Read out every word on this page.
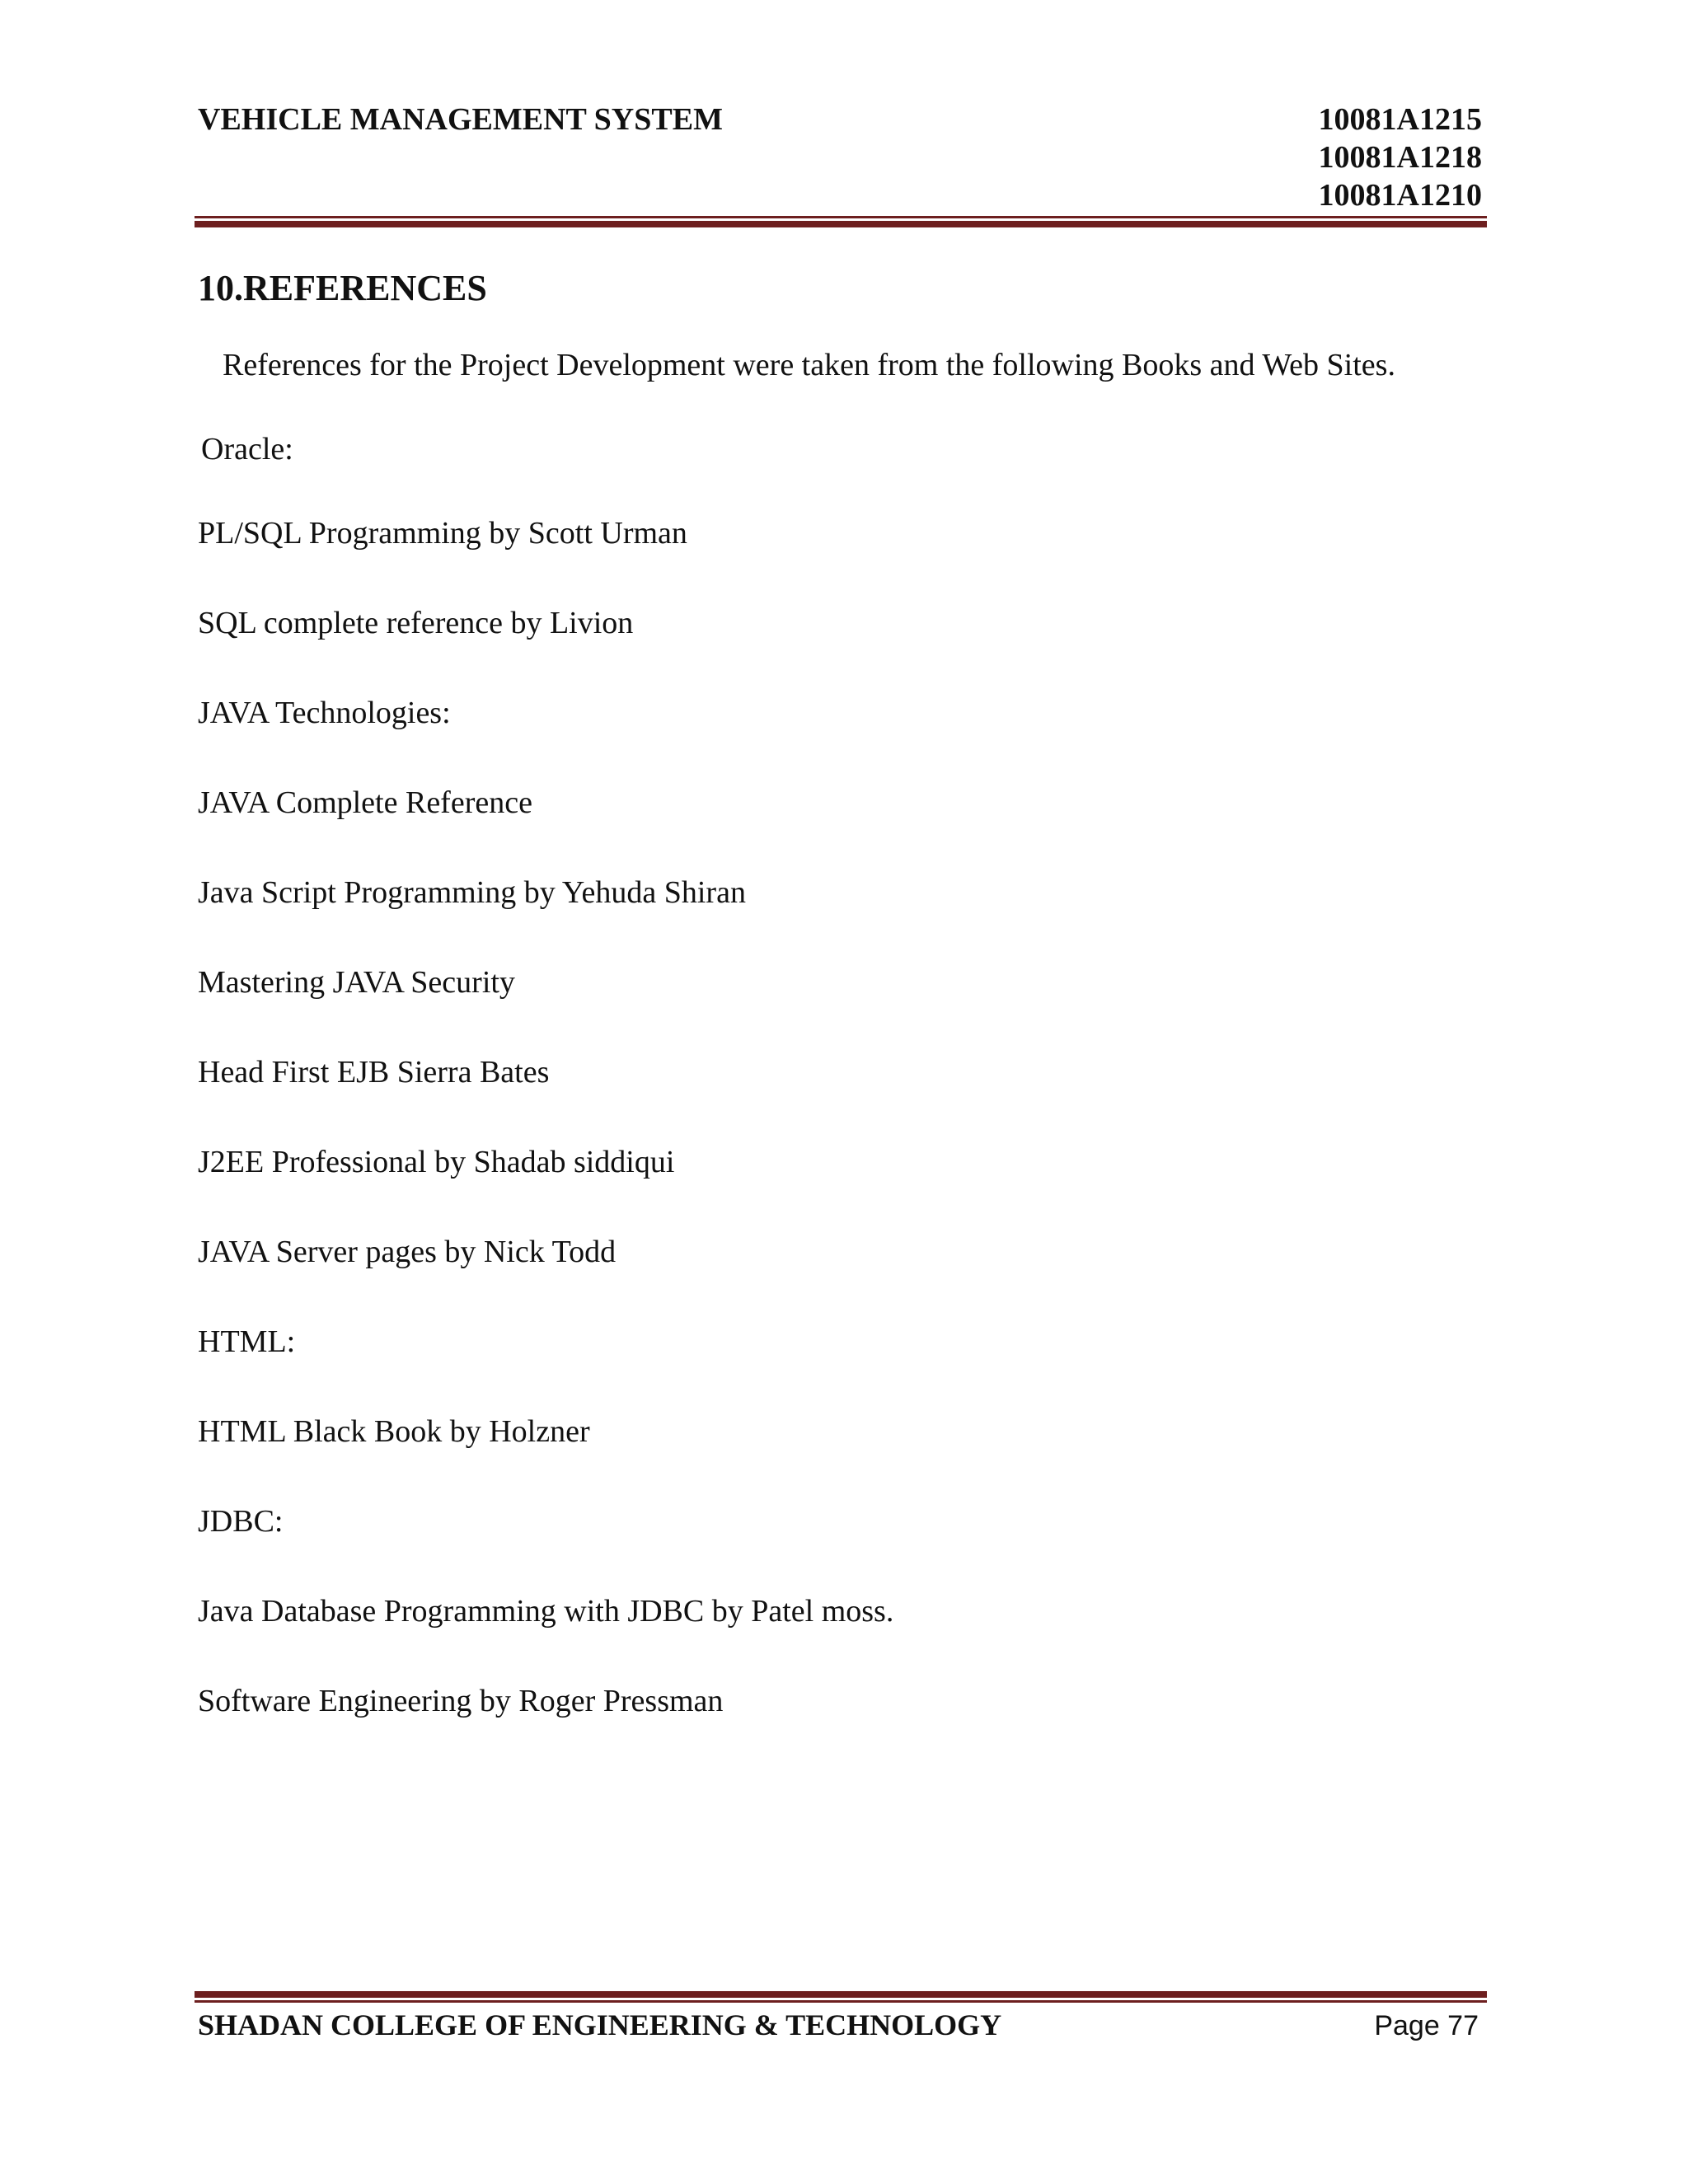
VEHICLE MANAGEMENT SYSTEM	10081A1215
10081A1218
10081A1210
10.REFERENCES

References for the Project Development were taken from the following Books and Web Sites.

Oracle:
PL/SQL Programming by Scott Urman
SQL complete reference by Livion
JAVA Technologies:
JAVA Complete Reference
Java Script Programming by Yehuda Shiran
Mastering JAVA Security
Head First EJB Sierra Bates
J2EE Professional by Shadab siddiqui
JAVA Server pages by Nick Todd
HTML:
HTML Black Book by Holzner
JDBC:
Java Database Programming with JDBC by Patel moss.
Software Engineering by Roger Pressman
SHADAN COLLEGE OF ENGINEERING & TECHNOLOGY	Page 77
